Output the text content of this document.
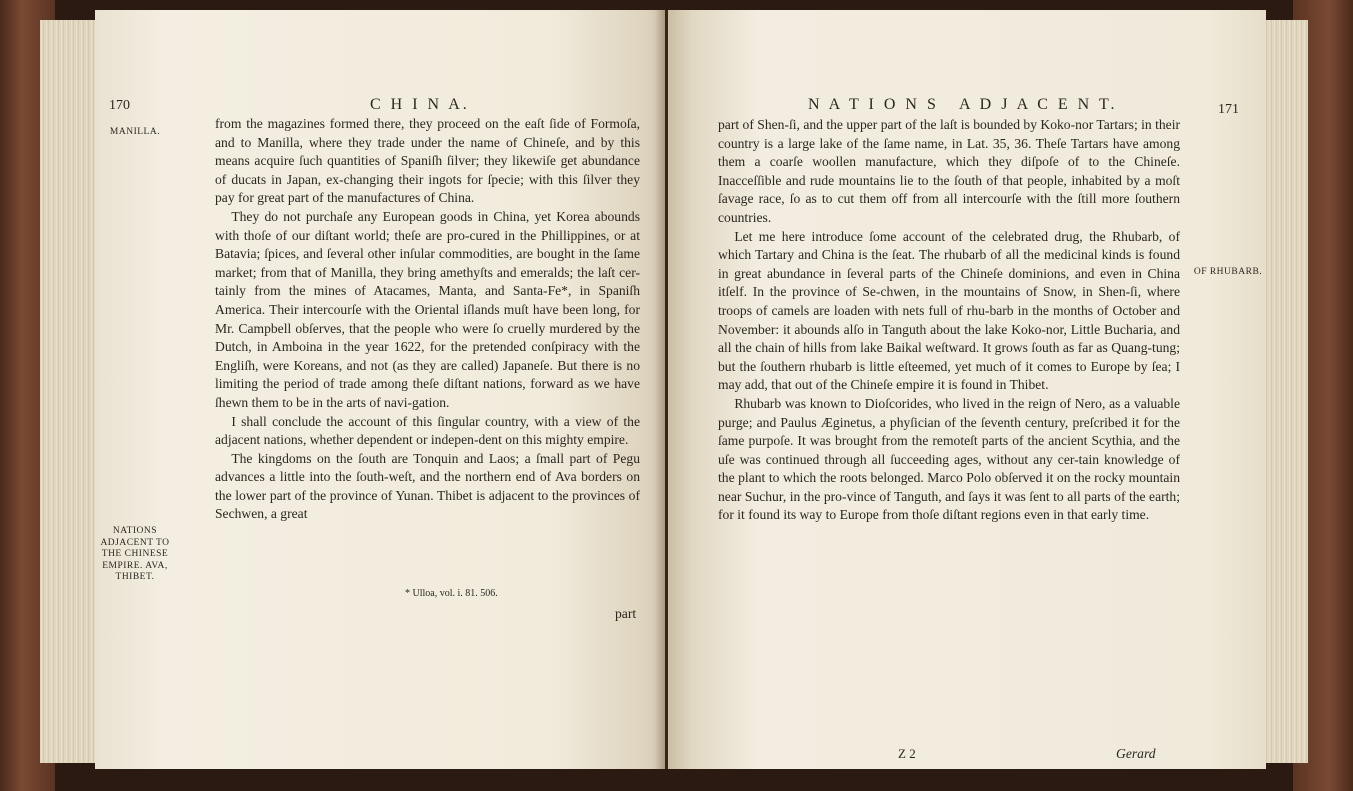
170	C H I N A.
MANILLA.
NATIONS ADJACENT TO THE CHINESE EMPIRE. AVA, THIBET.

from the magazines formed there, they proceed on the eaſt ſide of Formoſa, and to Manilla, where they trade under the name of Chineſe, and by this means acquire ſuch quantities of Spaniſh ſilver; they likewiſe get abundance of ducats in Japan, ex-changing their ingots for ſpecie; with this ſilver they pay for great part of the manufactures of China.

They do not purchaſe any European goods in China, yet Korea abounds with thoſe of our diſtant world; theſe are pro-cured in the Phillippines, or at Batavia; ſpices, and ſeveral other inſular commodities, are bought in the ſame market; from that of Manilla, they bring amethyſts and emeralds; the laſt cer-tainly from the mines of Atacames, Manta, and Santa-Fe*, in Spaniſh America. Their intercourſe with the Oriental iſlands muſt have been long, for Mr. Campbell obſerves, that the people who were ſo cruelly murdered by the Dutch, in Amboina in the year 1622, for the pretended conſpiracy with the Engliſh, were Koreans, and not (as they are called) Japaneſe. But there is no limiting the period of trade among theſe diſtant nations, forward as we have ſhewn them to be in the arts of navi-gation.

I shall conclude the account of this ſingular country, with a view of the adjacent nations, whether dependent or indepen-dent on this mighty empire.

The kingdoms on the ſouth are Tonquin and Laos; a ſmall part of Pegu advances a little into the ſouth-weſt, and the northern end of Ava borders on the lower part of the province of Yunan. Thibet is adjacent to the provinces of Sechwen, a great

* Ulloa, vol. i. 81. 506.
part
N A T I O N S   A D J A C E N T.	171
OF RHUBARB.

part of Shen-ſi, and the upper part of the laſt is bounded by Koko-nor Tartars; in their country is a large lake of the ſame name, in Lat. 35, 36. Theſe Tartars have among them a coarſe woollen manufacture, which they diſpoſe of to the Chineſe. Inacceſſible and rude mountains lie to the ſouth of that people, inhabited by a moſt ſavage race, ſo as to cut them off from all intercourſe with the ſtill more ſouthern countries.

Let me here introduce ſome account of the celebrated drug, the Rhubarb, of which Tartary and China is the ſeat. The rhubarb of all the medicinal kinds is found in great abundance in ſeveral parts of the Chineſe dominions, and even in China itſelf. In the province of Se-chwen, in the mountains of Snow, in Shen-ſi, where troops of camels are loaden with nets full of rhu-barb in the months of October and November: it abounds alſo in Tanguth about the lake Koko-nor, Little Bucharia, and all the chain of hills from lake Baikal weſtward. It grows ſouth as far as Quang-tung; but the ſouthern rhubarb is little eſteemed, yet much of it comes to Europe by ſea; I may add, that out of the Chineſe empire it is found in Thibet.

Rhubarb was known to Dioſcorides, who lived in the reign of Nero, as a valuable purge; and Paulus Æginetus, a phyſician of the ſeventh century, preſcribed it for the ſame purpoſe. It was brought from the remoteſt parts of the ancient Scythia, and the uſe was continued through all ſucceeding ages, without any cer-tain knowledge of the plant to which the roots belonged. Marco Polo obſerved it on the rocky mountain near Suchur, in the pro-vince of Tanguth, and ſays it was ſent to all parts of the earth; for it found its way to Europe from thoſe diſtant regions even in that early time.

Z 2	Gerard
